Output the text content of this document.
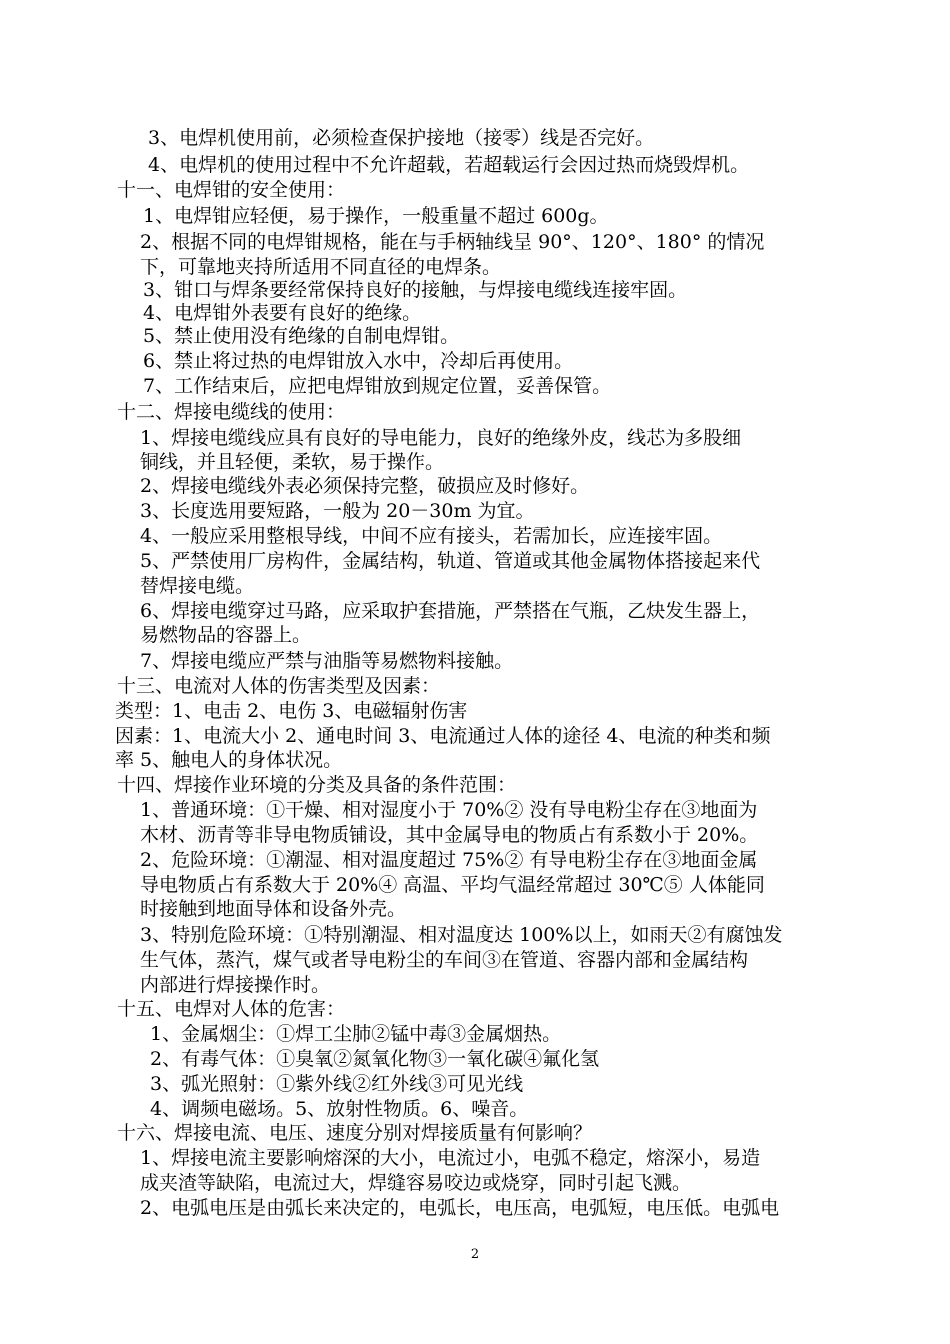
3、电焊机使用前，必须检查保护接地（接零）线是否完好。

4、电焊机的使用过程中不允许超载，若超载运行会因过热而烧毁焊机。

十一、电焊钳的安全使用：

1、电焊钳应轻便，易于操作，一般重量不超过 600g。

2、根据不同的电焊钳规格，能在与手柄轴线呈 90°、120°、180° 的情况

下，可靠地夹持所适用不同直径的电焊条。

3、钳口与焊条要经常保持良好的接触，与焊接电缆线连接牢固。

4、电焊钳外表要有良好的绝缘。

5、禁止使用没有绝缘的自制电焊钳。

6、禁止将过热的电焊钳放入水中，冷却后再使用。

7、工作结束后，应把电焊钳放到规定位置，妥善保管。

十二、焊接电缆线的使用：

1、焊接电缆线应具有良好的导电能力，良好的绝缘外皮，线芯为多股细

铜线，并且轻便，柔软，易于操作。

2、焊接电缆线外表必须保持完整，破损应及时修好。

3、长度选用要短路，一般为 20－30m 为宜。

4、一般应采用整根导线，中间不应有接头，若需加长，应连接牢固。

5、严禁使用厂房构件，金属结构，轨道、管道或其他金属物体搭接起来代

替焊接电缆。

6、焊接电缆穿过马路，应采取护套措施，严禁搭在气瓶，乙炔发生器上，

易燃物品的容器上。

7、焊接电缆应严禁与油脂等易燃物料接触。

十三、电流对人体的伤害类型及因素：

类型：1、电击 2、电伤 3、电磁辐射伤害

因素：1、电流大小 2、通电时间 3、电流通过人体的途径 4、电流的种类和频

率 5、触电人的身体状况。

十四、焊接作业环境的分类及具备的条件范围：

1、普通环境：①干燥、相对湿度小于 70%② 没有导电粉尘存在③地面为

木材、沥青等非导电物质铺设，其中金属导电的物质占有系数小于 20%。

2、危险环境：①潮湿、相对温度超过 75%② 有导电粉尘存在③地面金属

导电物质占有系数大于 20%④ 高温、平均气温经常超过 30℃⑤ 人体能同

时接触到地面导体和设备外壳。

3、特别危险环境：①特别潮湿、相对温度达 100%以上，如雨天②有腐蚀发

生气体，蒸汽，煤气或者导电粉尘的车间③在管道、容器内部和金属结构

内部进行焊接操作时。

十五、电焊对人体的危害：

1、金属烟尘：①焊工尘肺②锰中毒③金属烟热。

2、有毒气体：①臭氧②氮氧化物③一氧化碳④氟化氢

3、弧光照射：①紫外线②红外线③可见光线

4、调频电磁场。5、放射性物质。6、噪音。

十六、焊接电流、电压、速度分别对焊接质量有何影响？

1、焊接电流主要影响熔深的大小，电流过小，电弧不稳定，熔深小，易造

成夹渣等缺陷，电流过大，焊缝容易咬边或烧穿，同时引起飞溅。

2、电弧电压是由弧长来决定的，电弧长，电压高，电弧短，电压低。电弧电

2
